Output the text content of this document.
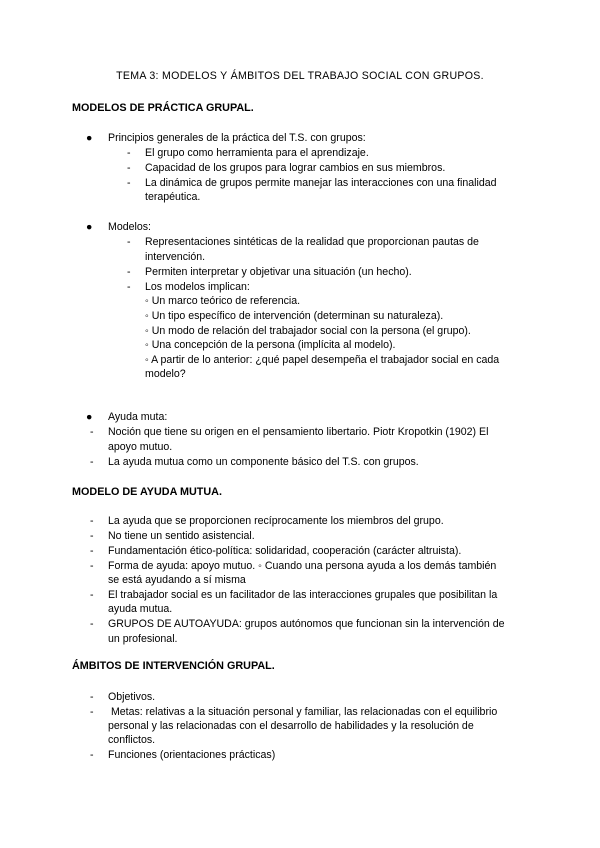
TEMA 3: MODELOS Y ÁMBITOS DEL TRABAJO SOCIAL CON GRUPOS.
MODELOS DE PRÁCTICA GRUPAL.
● Principios generales de la práctica del T.S. con grupos:
- El grupo como herramienta para el aprendizaje.
- Capacidad de los grupos para lograr cambios en sus miembros.
- La dinámica de grupos permite manejar las interacciones con una finalidad
terapéutica.
● Modelos:
- Representaciones sintéticas de la realidad que proporcionan pautas de
intervención.
- Permiten interpretar y objetivar una situación (un hecho).
- Los modelos implican:
◦ Un marco teórico de referencia.
◦ Un tipo específico de intervención (determinan su naturaleza).
◦ Un modo de relación del trabajador social con la persona (el grupo).
◦ Una concepción de la persona (implícita al modelo).
◦ A partir de lo anterior: ¿qué papel desempeña el trabajador social en cada
modelo?
● Ayuda muta:
- Noción que tiene su origen en el pensamiento libertario. Piotr Kropotkin (1902) El
apoyo mutuo.
- La ayuda mutua como un componente básico del T.S. con grupos.
MODELO DE AYUDA MUTUA.
- La ayuda que se proporcionen recíprocamente los miembros del grupo.
- No tiene un sentido asistencial.
- Fundamentación ético-política: solidaridad, cooperación (carácter altruista).
- Forma de ayuda: apoyo mutuo. ◦ Cuando una persona ayuda a los demás también
se está ayudando a sí misma
- El trabajador social es un facilitador de las interacciones grupales que posibilitan la
ayuda mutua.
- GRUPOS DE AUTOAYUDA: grupos autónomos que funcionan sin la intervención de
un profesional.
ÁMBITOS DE INTERVENCIÓN GRUPAL.
- Objetivos.
- Metas: relativas a la situación personal y familiar, las relacionadas con el equilibrio
personal y las relacionadas con el desarrollo de habilidades y la resolución de
conflictos.
- Funciones (orientaciones prácticas)
